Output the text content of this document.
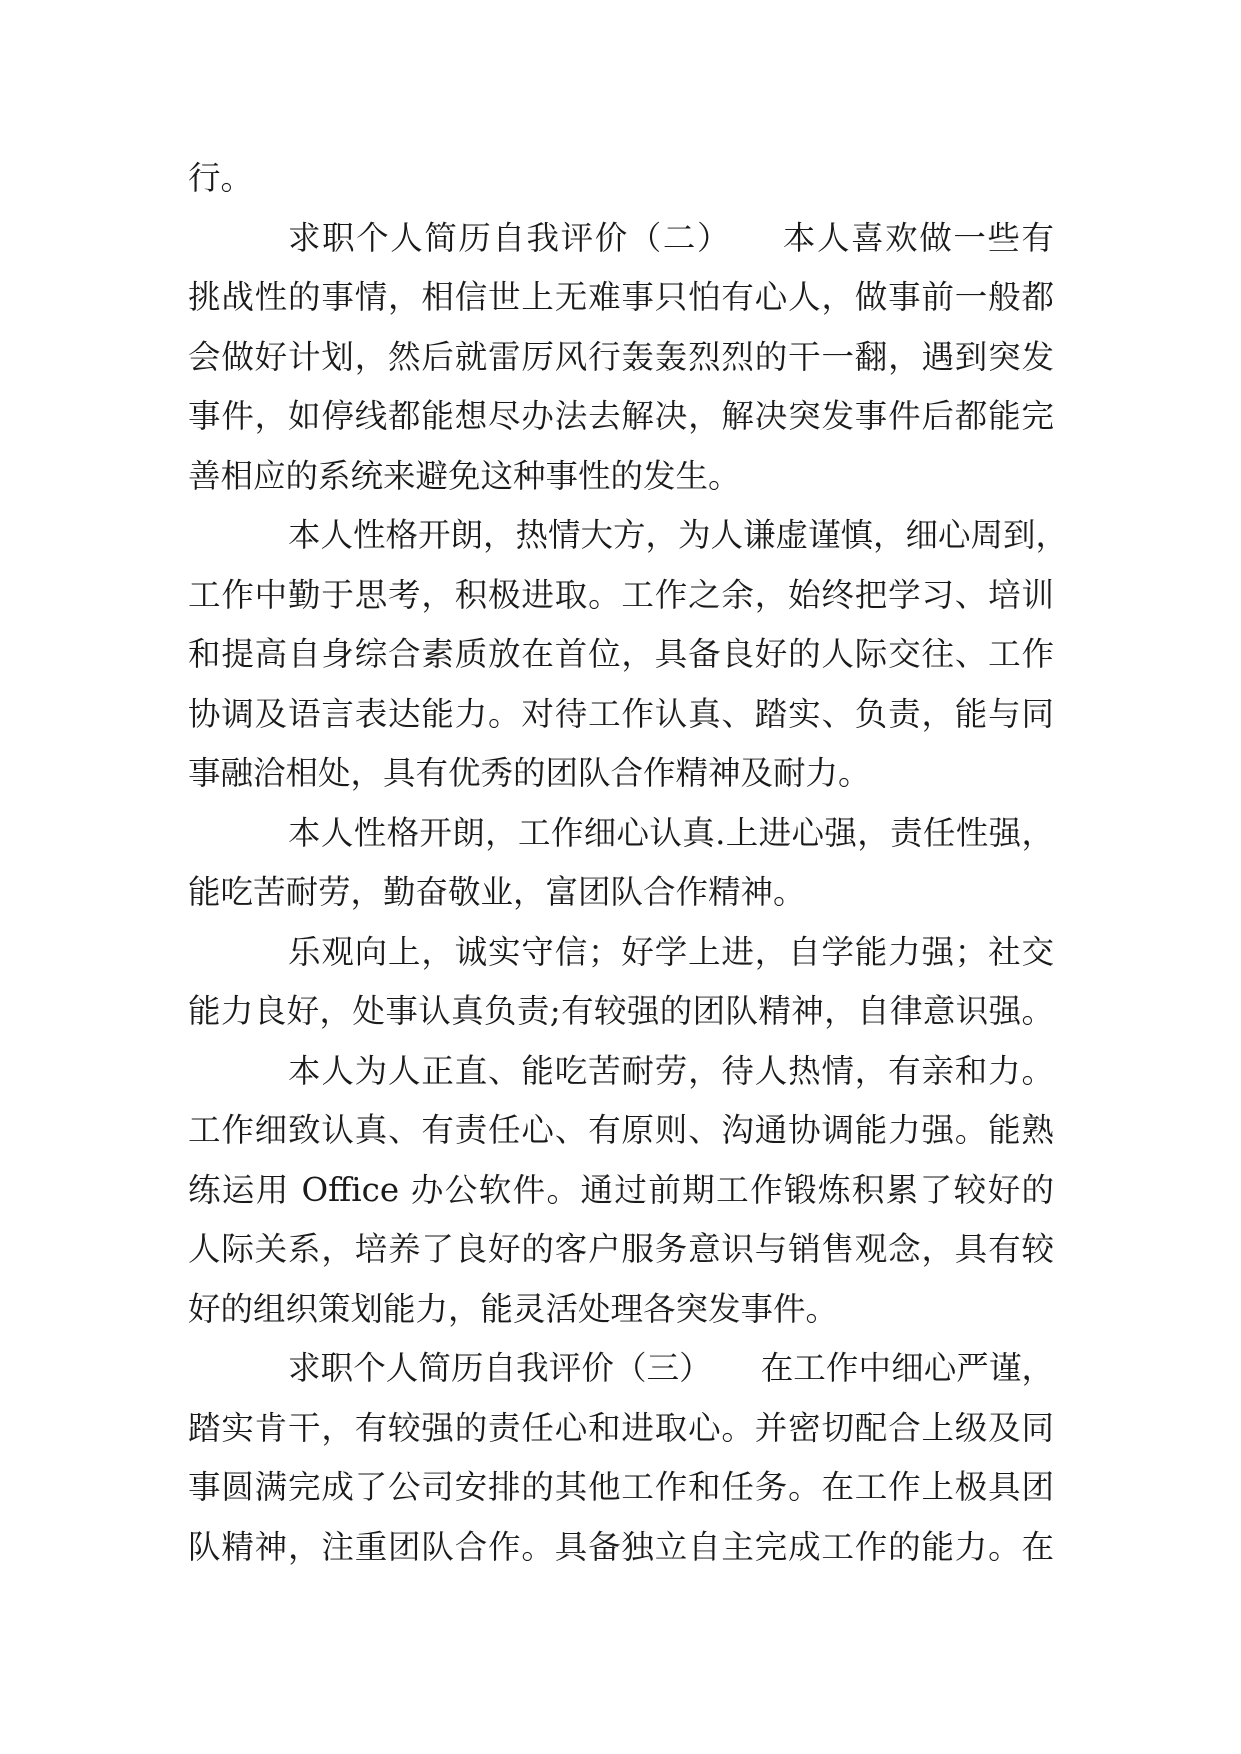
行。
求职个人简历自我评价（二）　　本人喜欢做一些有
挑战性的事情，相信世上无难事只怕有心人，做事前一般都
会做好计划，然后就雷厉风行轰轰烈烈的干一翻，遇到突发
事件，如停线都能想尽办法去解决，解决突发事件后都能完
善相应的系统来避免这种事性的发生。
本人性格开朗，热情大方，为人谦虚谨慎，细心周到，
工作中勤于思考，积极进取。工作之余，始终把学习、培训
和提高自身综合素质放在首位，具备良好的人际交往、工作
协调及语言表达能力。对待工作认真、踏实、负责，能与同
事融洽相处，具有优秀的团队合作精神及耐力。
本人性格开朗，工作细心认真.上进心强，责任性强，
能吃苦耐劳，勤奋敬业，富团队合作精神。
乐观向上，诚实守信；好学上进，自学能力强；社交
能力良好，处事认真负责;有较强的团队精神，自律意识强。
本人为人正直、能吃苦耐劳，待人热情，有亲和力。
工作细致认真、有责任心、有原则、沟通协调能力强。能熟
练运用 Office 办公软件。通过前期工作锻炼积累了较好的
人际关系，培养了良好的客户服务意识与销售观念，具有较
好的组织策划能力，能灵活处理各突发事件。
求职个人简历自我评价（三）　　在工作中细心严谨，
踏实肯干，有较强的责任心和进取心。并密切配合上级及同
事圆满完成了公司安排的其他工作和任务。在工作上极具团
队精神，注重团队合作。具备独立自主完成工作的能力。在
